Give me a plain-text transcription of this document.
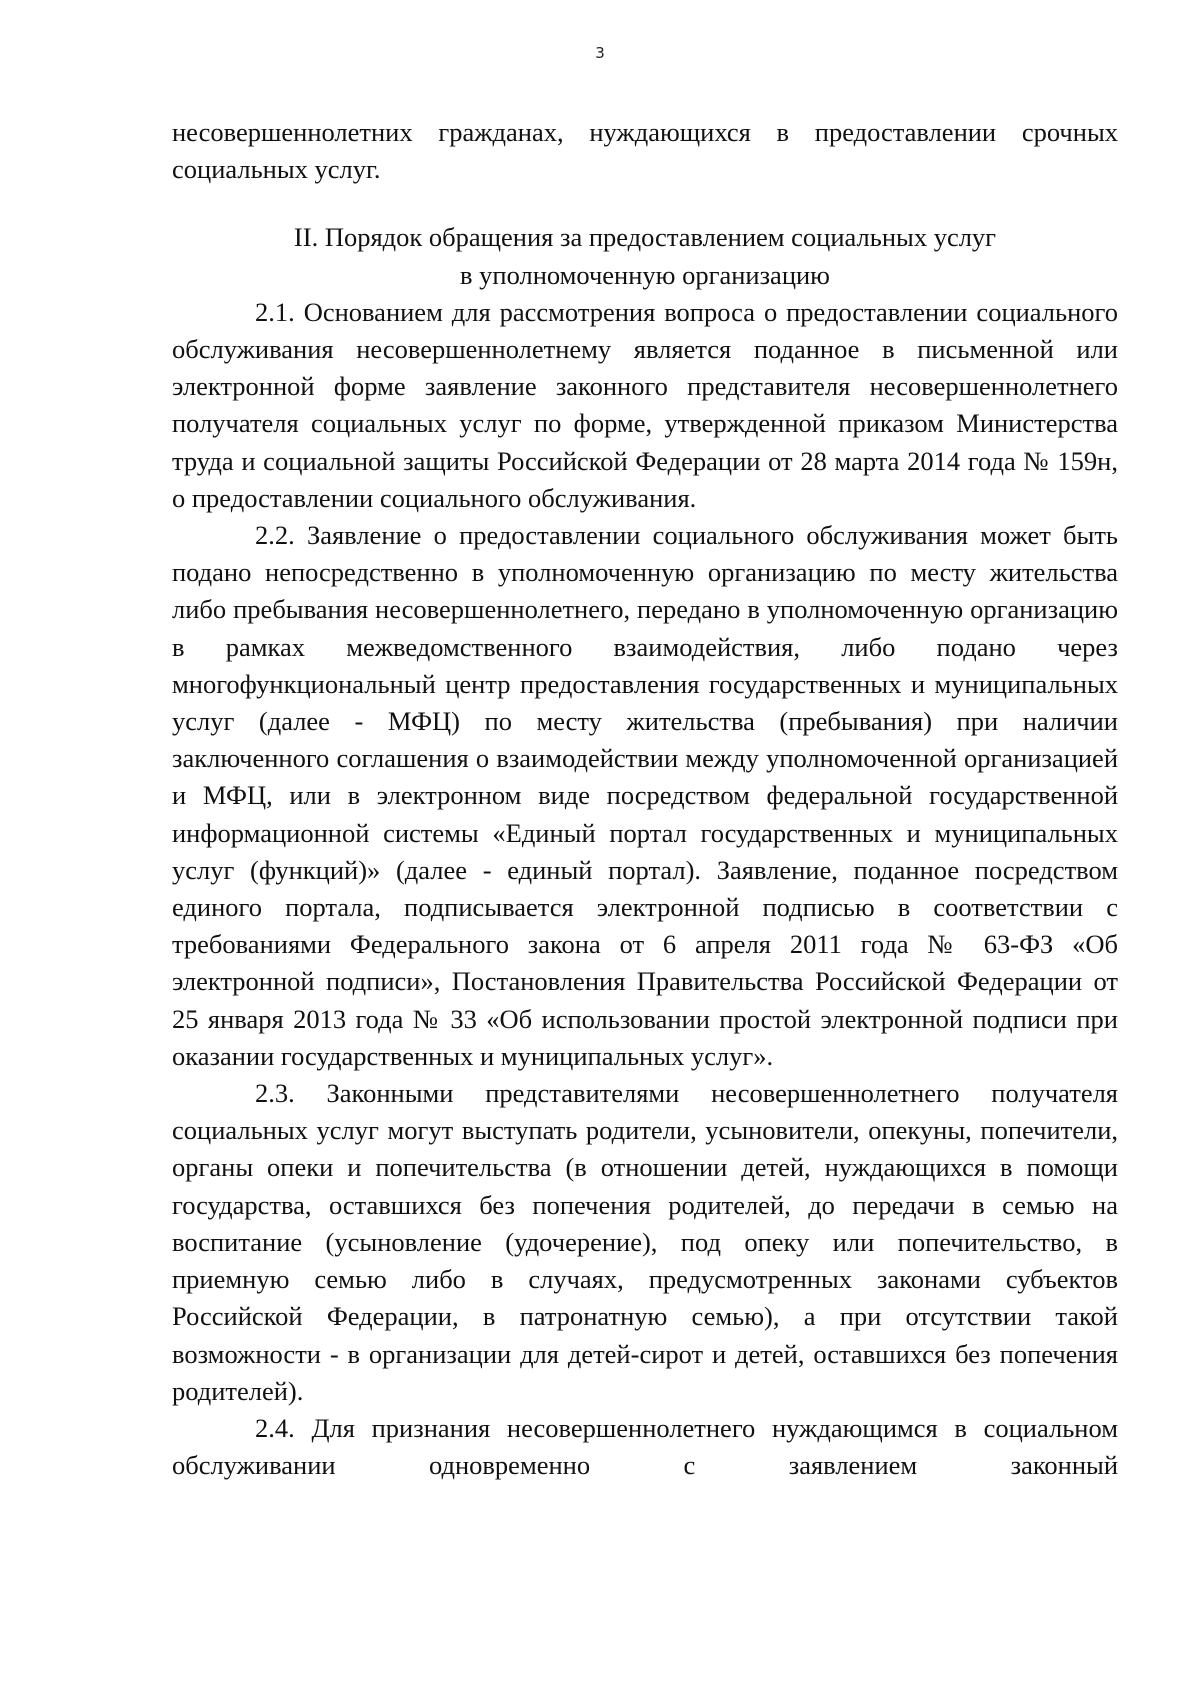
3

несовершеннолетних гражданах, нуждающихся в предоставлении срочных социальных услуг.

II. Порядок обращения за предоставлением социальных услуг
в уполномоченную организацию

2.1. Основанием для рассмотрения вопроса о предоставлении социального обслуживания несовершеннолетнему является поданное в письменной или электронной форме заявление законного представителя несовершеннолетнего получателя социальных услуг по форме, утвержденной приказом Министерства труда и социальной защиты Российской Федерации от 28 марта 2014 года № 159н, о предоставлении социального обслуживания.

2.2. Заявление о предоставлении социального обслуживания может быть подано непосредственно в уполномоченную организацию по месту жительства либо пребывания несовершеннолетнего, передано в уполномоченную организацию в рамках межведомственного взаимодействия, либо подано через многофункциональный центр предоставления государственных и муниципальных услуг (далее - МФЦ) по месту жительства (пребывания) при наличии заключенного соглашения о взаимодействии между уполномоченной организацией и МФЦ, или в электронном виде посредством федеральной государственной информационной системы «Единый портал государственных и муниципальных услуг (функций)» (далее - единый портал). Заявление, поданное посредством единого портала, подписывается электронной подписью в соответствии с требованиями Федерального закона от 6 апреля 2011 года № 63-ФЗ «Об электронной подписи», Постановления Правительства Российской Федерации от 25 января 2013 года № 33 «Об использовании простой электронной подписи при оказании государственных и муниципальных услуг».

2.3. Законными представителями несовершеннолетнего получателя социальных услуг могут выступать родители, усыновители, опекуны, попечители, органы опеки и попечительства (в отношении детей, нуждающихся в помощи государства, оставшихся без попечения родителей, до передачи в семью на воспитание (усыновление (удочерение), под опеку или попечительство, в приемную семью либо в случаях, предусмотренных законами субъектов Российской Федерации, в патронатную семью), а при отсутствии такой возможности - в организации для детей-сирот и детей, оставшихся без попечения родителей).

2.4. Для признания несовершеннолетнего нуждающимся в социальном обслуживании одновременно с заявлением законный
